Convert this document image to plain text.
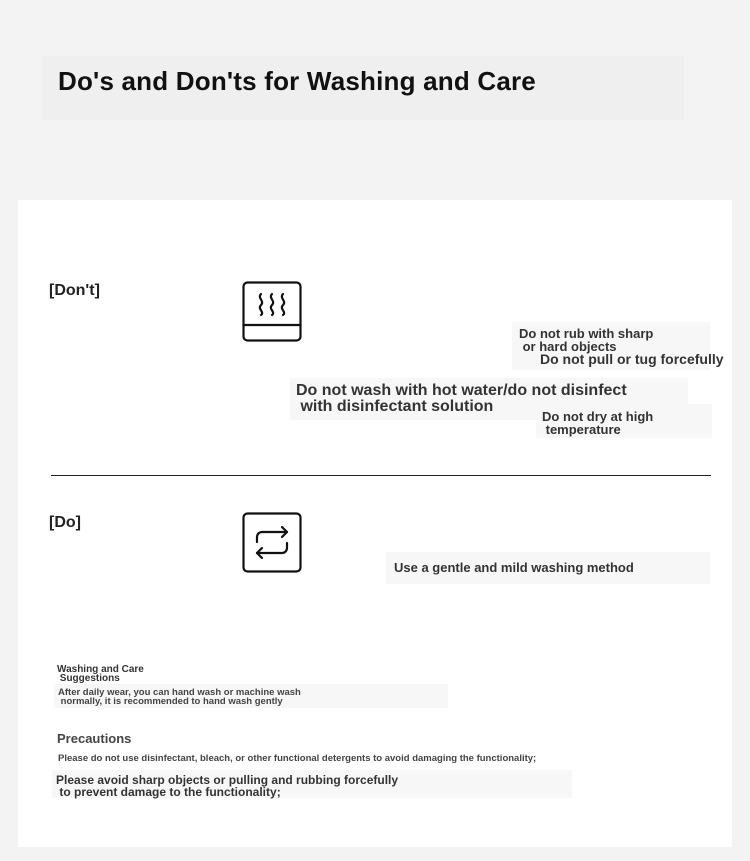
Do's and Don'ts for Washing and Care
[Don't]
Do not rub with sharp
or hard objects
Do not pull or tug forcefully
Do not wash with hot water/do not disinfect
with disinfectant solution
Do not dry at high
temperature
[Do]
Use a gentle and mild washing method
Washing and Care
Suggestions
After daily wear, you can hand wash or machine wash
normally, it is recommended to hand wash gently
Precautions
Please do not use disinfectant, bleach, or other functional detergents to avoid damaging the functionality;
Please avoid sharp objects or pulling and rubbing forcefully
to prevent damage to the functionality;
